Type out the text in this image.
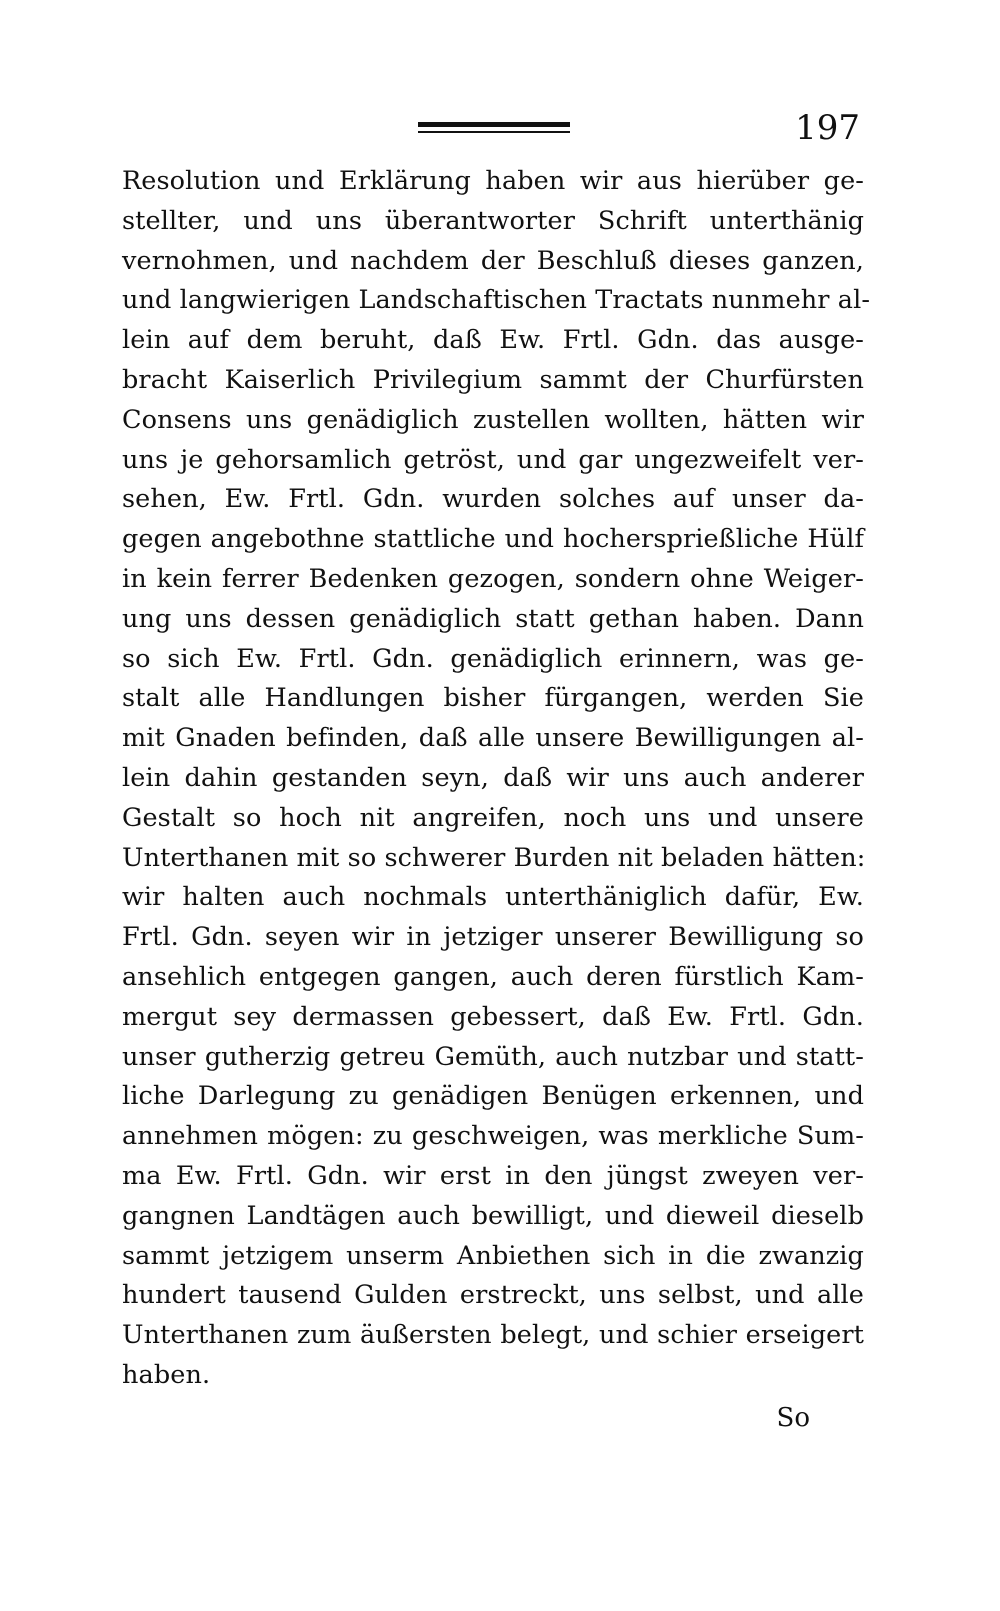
197
Resolution und Erklärung haben wir aus hierüber ge-
stellter, und uns überantworter Schrift unterthänig
vernohmen, und nachdem der Beschluß dieses ganzen,
und langwierigen Landschaftischen Tractats nunmehr al-
lein auf dem beruht, daß Ew. Frtl. Gdn. das ausge-
bracht Kaiserlich Privilegium sammt der Churfürsten
Consens uns genädiglich zustellen wollten, hätten wir
uns je gehorsamlich getröst, und gar ungezweifelt ver-
sehen, Ew. Frtl. Gdn. wurden solches auf unser da-
gegen angebothne stattliche und hochersprießliche Hülf
in kein ferrer Bedenken gezogen, sondern ohne Weiger-
ung uns dessen genädiglich statt gethan haben. Dann
so sich Ew. Frtl. Gdn. genädiglich erinnern, was ge-
stalt alle Handlungen bisher fürgangen, werden Sie
mit Gnaden befinden, daß alle unsere Bewilligungen al-
lein dahin gestanden seyn, daß wir uns auch anderer
Gestalt so hoch nit angreifen, noch uns und unsere
Unterthanen mit so schwerer Burden nit beladen hätten:
wir halten auch nochmals unterthäniglich dafür, Ew.
Frtl. Gdn. seyen wir in jetziger unserer Bewilligung so
ansehlich entgegen gangen, auch deren fürstlich Kam-
mergut sey dermassen gebessert, daß Ew. Frtl. Gdn.
unser gutherzig getreu Gemüth, auch nutzbar und statt-
liche Darlegung zu genädigen Benügen erkennen, und
annehmen mögen: zu geschweigen, was merkliche Sum-
ma Ew. Frtl. Gdn. wir erst in den jüngst zweyen ver-
gangnen Landtägen auch bewilligt, und dieweil dieselb
sammt jetzigem unserm Anbiethen sich in die zwanzig
hundert tausend Gulden erstreckt, uns selbst, und alle
Unterthanen zum äußersten belegt, und schier erseigert
haben.
So
